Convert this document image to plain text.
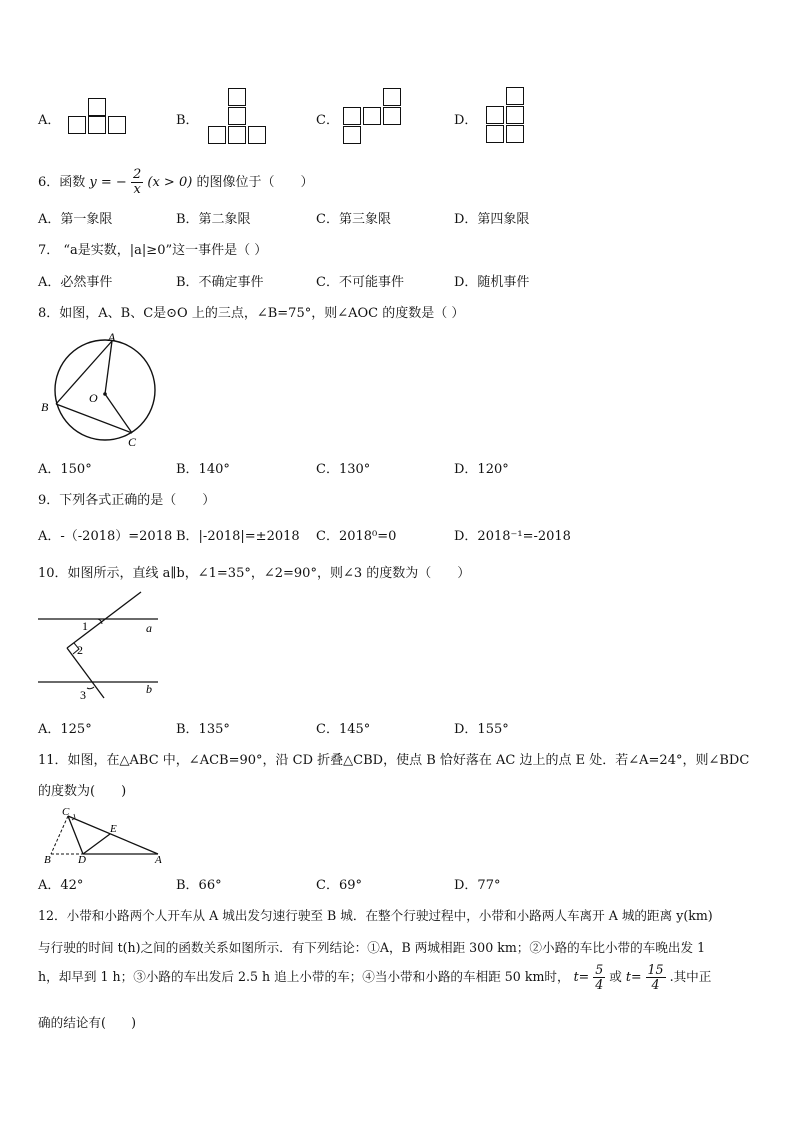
A．	B．	C．	D．
6．函数 y = − $\frac{2}{x} (x > 0)$ 的图像位于（　　）
A．第一象限	B．第二象限	C．第三象限	D．第四象限
7． “a是实数，|a|≥0”这一事件是（ ）
A．必然事件	B．不确定事件	C．不可能事件	D．随机事件
8．如图，A、B、C是⊙O 上的三点，∠B=75°，则∠AOC 的度数是（ ）
A
B
C
O
A．150°	B．140°	C．130°	D．120°
9．下列各式正确的是（　　）
A．-（-2018）=2018 B．|-2018|=±2018 C．2018⁰=0	D．2018⁻¹=-2018
10．如图所示，直线 a∥b，∠1=35°，∠2=90°，则∠3 的度数为（　　）
1
2
3
a
b
A．125°	B．135°	C．145°	D．155°
11．如图，在△ABC 中，∠ACB=90°，沿 CD 折叠△CBD，使点 B 恰好落在 AC 边上的点 E 处．若∠A=24°，则∠BDC
的度数为(　　)
C
E
B D	A
A．42°	B．66°	C．69°	D．77°
12．小带和小路两个人开车从 A 城出发匀速行驶至 B 城．在整个行驶过程中，小带和小路两人车离开 A 城的距离 y(km)
与行驶的时间 t(h)之间的函数关系如图所示．有下列结论：①A，B 两城相距 300 km；②小路的车比小带的车晚出发 1
h，却早到 1 h；③小路的车出发后 2.5 h 追上小带的车；④当小带和小路的车相距 50 km时， $t= \frac{5}{4}$ 或 $t= \frac{15}{4}$ .其中正
确的结论有(　　)
